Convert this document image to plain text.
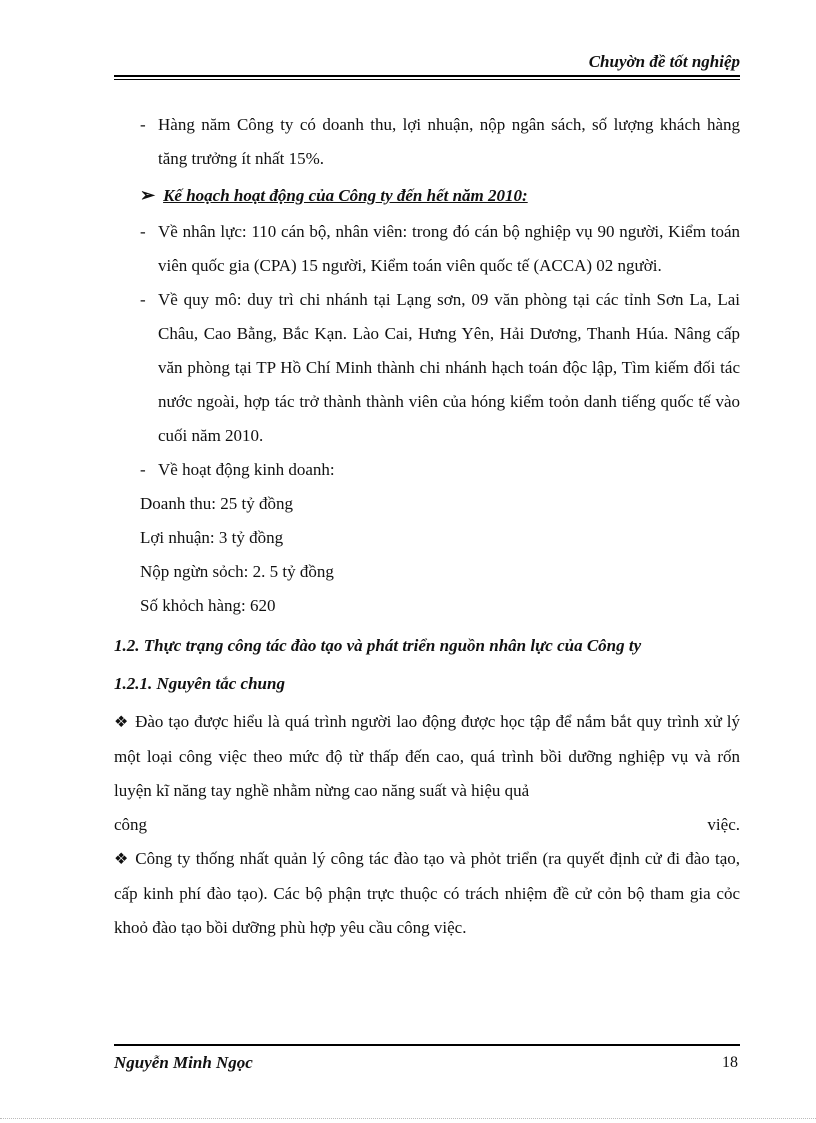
Chuyờn đề tốt nghiệp
- Hàng năm Công ty có doanh thu, lợi nhuận, nộp ngân sách, số lượng khách hàng tăng trưởng ít nhất 15%.
➢ Kế hoạch hoạt động của Công ty đến hết năm 2010:
- Về nhân lực: 110 cán bộ, nhân viên: trong đó cán bộ nghiệp vụ 90 người, Kiểm toán viên quốc gia (CPA) 15 người, Kiểm toán viên quốc tế (ACCA) 02 người.
- Về quy mô: duy trì chi nhánh tại Lạng sơn, 09 văn phòng tại các tỉnh Sơn La, Lai Châu, Cao Bằng, Bắc Kạn. Lào Cai, Hưng Yên, Hải Dương, Thanh Húa. Nâng cấp văn phòng tại TP Hồ Chí Minh thành chi nhánh hạch toán độc lập, Tìm kiếm đối tác nước ngoài, hợp tác trở thành thành viên của hóng kiểm toỏn danh tiếng quốc tế vào cuối năm 2010.
- Về hoạt động kinh doanh:
Doanh thu: 25 tỷ đồng
Lợi nhuận: 3 tỷ đồng
Nộp ngừn sỏch: 2. 5 tỷ đồng
Số khỏch hàng: 620
1.2. Thực trạng công tác đào tạo và phát triển nguồn nhân lực của Công ty
1.2.1. Nguyên tắc chung
❖ Đào tạo được hiểu là quá trình người lao động được học tập để nắm bắt quy trình xử lý một loại công việc theo mức độ từ thấp đến cao, quá trình bồi dưỡng nghiệp vụ và rốn luyện kĩ năng tay nghề nhằm nừng cao năng suất và hiệu quả
công	việc.
❖ Công ty thống nhất quản lý công tác đào tạo và phỏt triển (ra quyết định cử đi đào tạo, cấp kinh phí đào tạo). Các bộ phận trực thuộc có trách nhiệm đề cử cỏn bộ tham gia cỏc khoỏ đào tạo bồi dưỡng phù hợp yêu cầu công việc.
Nguyễn Minh Ngọc	18
